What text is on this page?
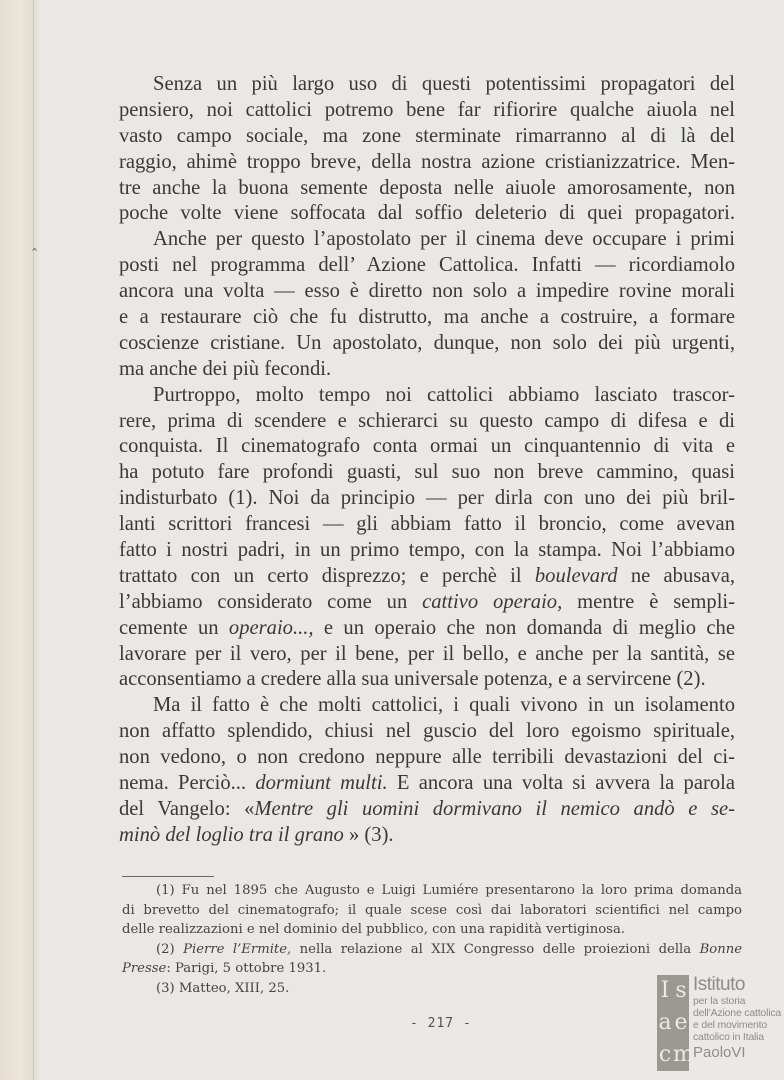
⌃
Senza un più largo uso di questi potentissimi propagatori del
pensiero, noi cattolici potremo bene far rifiorire qualche aiuola nel
vasto campo sociale, ma zone sterminate rimarranno al di là del
raggio, ahimè troppo breve, della nostra azione cristianizzatrice. Men-
tre anche la buona semente deposta nelle aiuole amorosamente, non
poche volte viene soffocata dal soffio deleterio di quei propagatori.
Anche per questo l’apostolato per il cinema deve occupare i primi
posti nel programma dell’ Azione Cattolica. Infatti — ricordiamolo
ancora una volta — esso è diretto non solo a impedire rovine morali
e a restaurare ciò che fu distrutto, ma anche a costruire, a formare
coscienze cristiane. Un apostolato, dunque, non solo dei più urgenti,
ma anche dei più fecondi.
Purtroppo, molto tempo noi cattolici abbiamo lasciato trascor-
rere, prima di scendere e schierarci su questo campo di difesa e di
conquista. Il cinematografo conta ormai un cinquantennio di vita e
ha potuto fare profondi guasti, sul suo non breve cammino, quasi
indisturbato (1). Noi da principio — per dirla con uno dei più bril-
lanti scrittori francesi — gli abbiam fatto il broncio, come avevan
fatto i nostri padri, in un primo tempo, con la stampa. Noi l’abbiamo
trattato con un certo disprezzo; e perchè il boulevard ne abusava,
l’abbiamo considerato come un cattivo operaio, mentre è sempli-
cemente un operaio..., e un operaio che non domanda di meglio che
lavorare per il vero, per il bene, per il bello, e anche per la santità, se
acconsentiamo a credere alla sua universale potenza, e a servircene (2).
Ma il fatto è che molti cattolici, i quali vivono in un isolamento
non affatto splendido, chiusi nel guscio del loro egoismo spirituale,
non vedono, o non credono neppure alle terribili devastazioni del ci-
nema. Perciò... dormiunt multi. E ancora una volta si avvera la parola
del Vangelo: «Mentre gli uomini dormivano il nemico andò e se-
minò del loglio tra il grano » (3).
(1) Fu nel 1895 che Augusto e Luigi Lumiére presentarono la loro prima domanda
di brevetto del cinematografo; il quale scese così dai laboratori scientifici nel campo
delle realizzazioni e nel dominio del pubblico, con una rapidità vertiginosa.
(2) Pierre l’Ermite, nella relazione al XIX Congresso delle proiezioni della Bonne
Presse: Parigi, 5 ottobre 1931.
(3) Matteo, XIII, 25.
- 217 -
I s
a e
c m
Istituto
per la storia
dell’Azione cattolica
e del movimento
cattolico in Italia
PaoloVI
